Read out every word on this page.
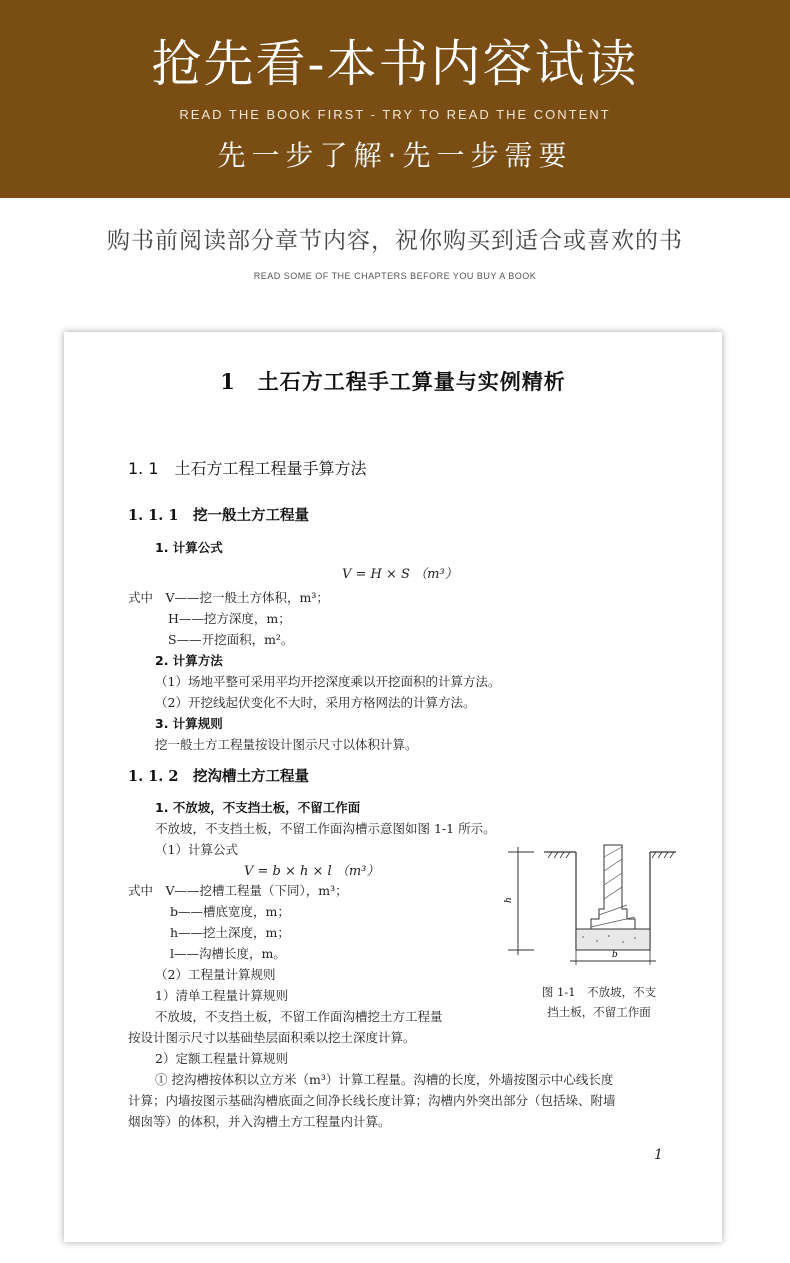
抢先看-本书内容试读
READ THE BOOK FIRST - TRY TO READ THE CONTENT
先一步了解·先一步需要
购书前阅读部分章节内容，祝你购买到适合或喜欢的书
READ SOME OF THE CHAPTERS BEFORE YOU BUY A BOOK
1　土石方工程手工算量与实例精析
1. 1　土石方工程工程量手算方法
1. 1. 1　挖一般土方工程量
1. 计算公式
V = H × S （m³）
式中　V——挖一般土方体积，m³；
H——挖方深度，m；
S——开挖面积，m²。
2. 计算方法
（1）场地平整可采用平均开挖深度乘以开挖面积的计算方法。
（2）开挖线起伏变化不大时，采用方格网法的计算方法。
3. 计算规则
挖一般土方工程量按设计图示尺寸以体积计算。
1. 1. 2　挖沟槽土方工程量
1. 不放坡，不支挡土板，不留工作面
不放坡，不支挡土板，不留工作面沟槽示意图如图 1-1 所示。
（1）计算公式
V = b × h × l （m³）
式中　V——挖槽工程量（下同），m³；
b——槽底宽度，m；
h——挖土深度，m；
l——沟槽长度，m。
（2）工程量计算规则
1）清单工程量计算规则
不放坡，不支挡土板，不留工作面沟槽挖土方工程量
按设计图示尺寸以基础垫层面积乘以挖土深度计算。
2）定额工程量计算规则
① 挖沟槽按体积以立方米（m³）计算工程量。沟槽的长度，外墙按图示中心线长度
计算；内墙按图示基础沟槽底面之间净长线长度计算；沟槽内外突出部分（包括垛、附墙
烟囱等）的体积，并入沟槽土方工程量内计算。
h
b
图 1-1　不放坡，不支
挡土板，不留工作面
1
